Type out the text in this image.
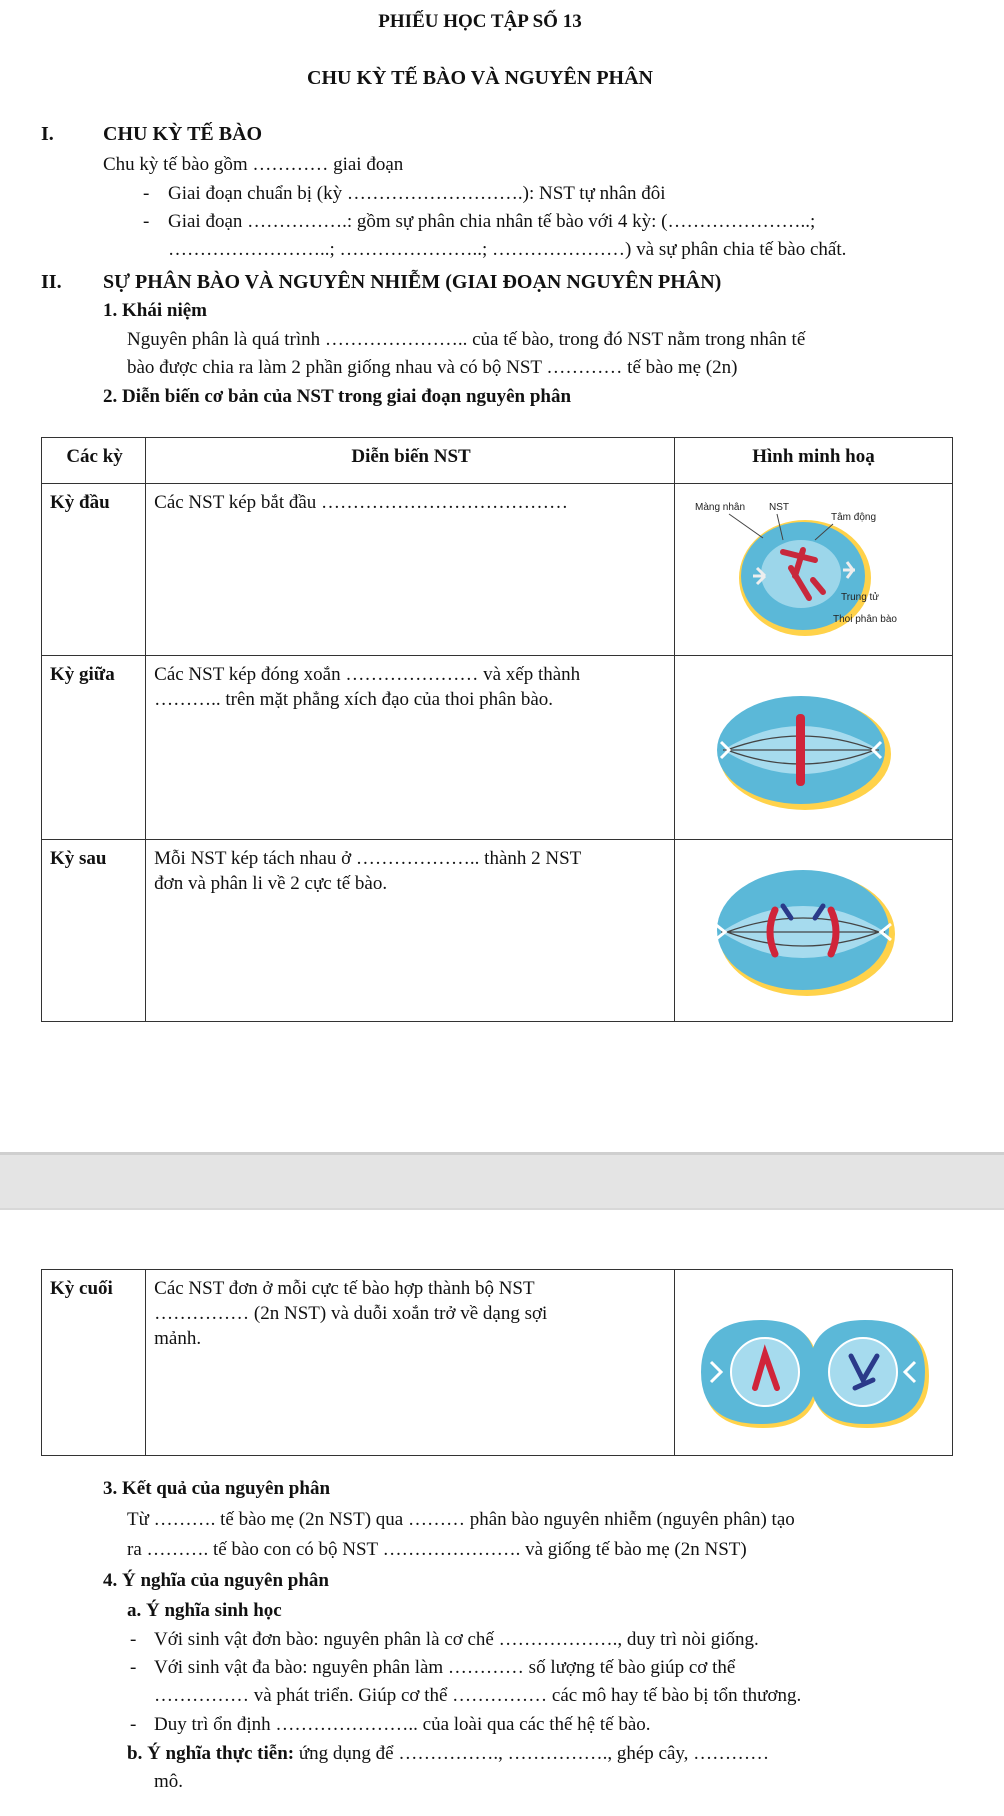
PHIẾU HỌC TẬP SỐ 13
CHU KỲ TẾ BÀO VÀ NGUYÊN PHÂN
I. CHU KỲ TẾ BÀO
Chu kỳ tế bào gồm ………… giai đoạn
- Giai đoạn chuẩn bị (kỳ ……………………….): NST tự nhân đôi
- Giai đoạn …………….: gồm sự phân chia nhân tế bào với 4 kỳ: (…………………..;
……………………..; …………………..; …………………) và sự phân chia tế bào chất.
II. SỰ PHÂN BÀO VÀ NGUYÊN NHIỄM (GIAI ĐOẠN NGUYÊN PHÂN)
1. Khái niệm
Nguyên phân là quá trình ………………….. của tế bào, trong đó NST nằm trong nhân tế
bào được chia ra làm 2 phần giống nhau và có bộ NST ………… tế bào mẹ (2n)
2. Diễn biến cơ bản của NST trong giai đoạn nguyên phân
Các kỳ	Diễn biến NST	Hình minh hoạ
Kỳ đầu	Các NST kép bắt đầu …………………………………	Màng nhân NST
Tâm động
Trung tử
Thoi phân bào

Kỳ giữa	Các NST kép đóng xoắn ………………… và xếp thành
……….. trên mặt phẳng xích đạo của thoi phân bào.

Kỳ sau	Mỗi NST kép tách nhau ở ……………….. thành 2 NST
đơn và phân li về 2 cực tế bào.

Kỳ cuối	Các NST đơn ở mỗi cực tế bào hợp thành bộ NST
…………… (2n NST) và duỗi xoắn trở về dạng sợi
mảnh.

3. Kết quả của nguyên phân
Từ ………. tế bào mẹ (2n NST) qua ……… phân bào nguyên nhiễm (nguyên phân) tạo
ra ………. tế bào con có bộ NST …………………. và giống tế bào mẹ (2n NST)
4. Ý nghĩa của nguyên phân
a. Ý nghĩa sinh học
- Với sinh vật đơn bào: nguyên phân là cơ chế ………………., duy trì nòi giống.
- Với sinh vật đa bào: nguyên phân làm ………… số lượng tế bào giúp cơ thể
…………… và phát triển. Giúp cơ thể …………… các mô hay tế bào bị tổn thương.
- Duy trì ổn định ………………….. của loài qua các thế hệ tế bào.
b. Ý nghĩa thực tiễn: ứng dụng để ……………., ……………., ghép cây, …………
mô.
